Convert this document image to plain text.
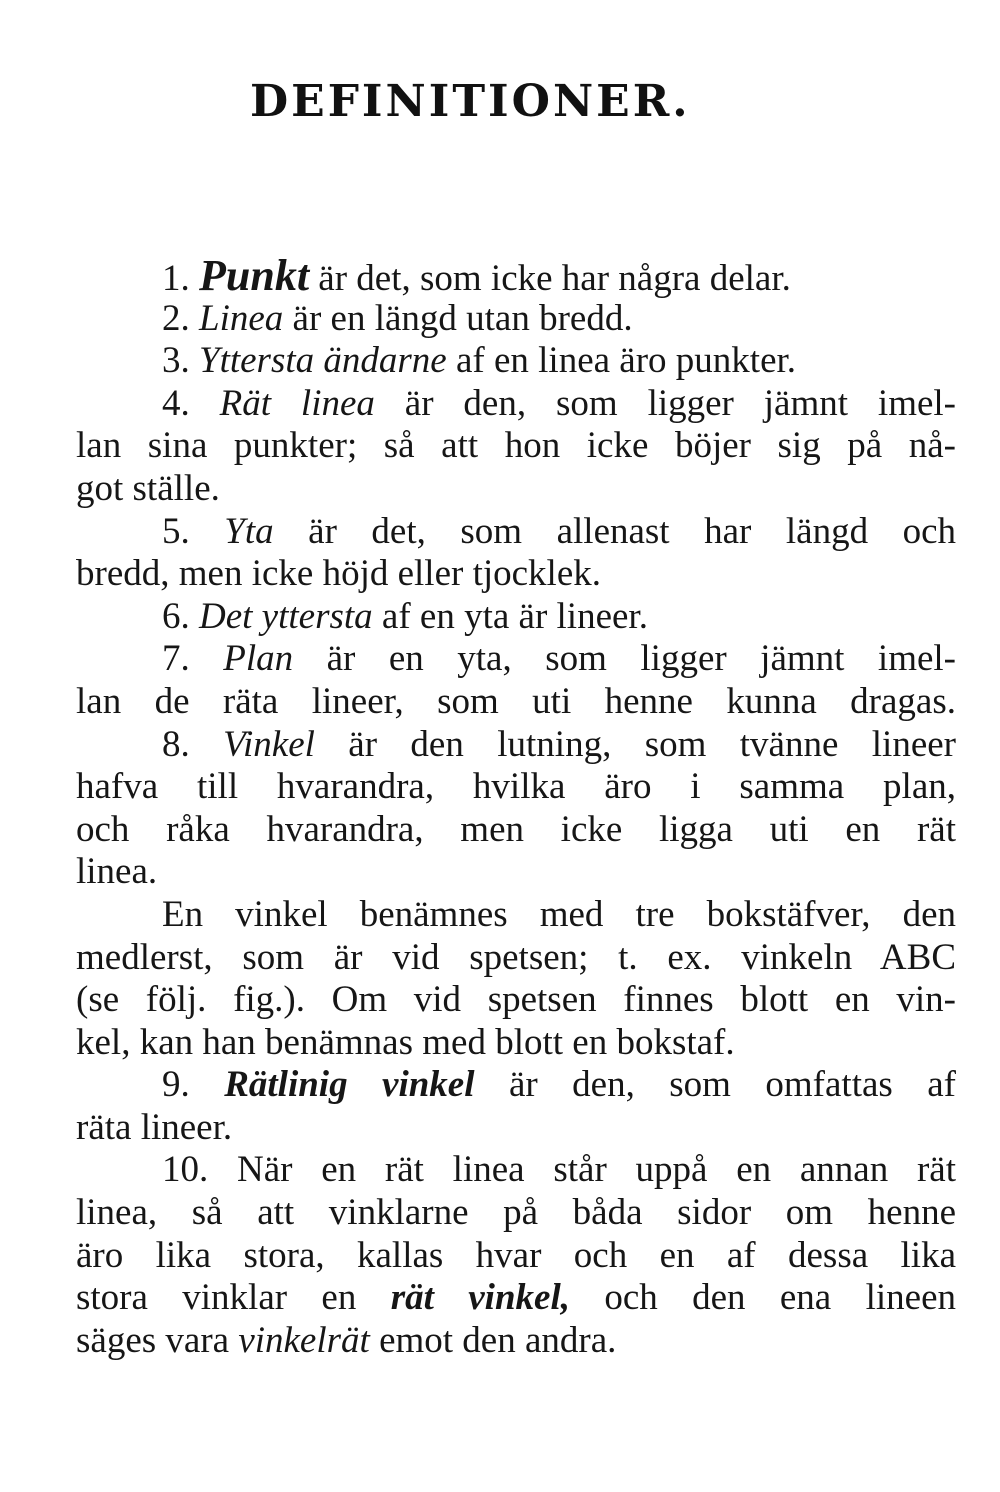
DEFINITIONER.
1. Punkt är det, som icke har några delar.
2. Linea är en längd utan bredd.
3. Yttersta ändarne af en linea äro punkter.
4. Rät linea är den, som ligger jämnt imel-
lan sina punkter; så att hon icke böjer sig på nå-
got ställe.
5. Yta är det, som allenast har längd och
bredd, men icke höjd eller tjocklek.
6. Det yttersta af en yta är lineer.
7. Plan är en yta, som ligger jämnt imel-
lan de räta lineer, som uti henne kunna dragas.
8. Vinkel är den lutning, som tvänne lineer
hafva till hvarandra, hvilka äro i samma plan,
och råka hvarandra, men icke ligga uti en rät
linea.
En vinkel benämnes med tre bokstäfver, den
medlerst, som är vid spetsen; t. ex. vinkeln ABC
(se följ. fig.). Om vid spetsen finnes blott en vin-
kel, kan han benämnas med blott en bokstaf.
9. Rätlinig vinkel är den, som omfattas af
räta lineer.
10. När en rät linea står uppå en annan rät
linea, så att vinklarne på båda sidor om henne
äro lika stora, kallas hvar och en af dessa lika
stora vinklar en rät vinkel, och den ena lineen
säges vara vinkelrät emot den andra.
